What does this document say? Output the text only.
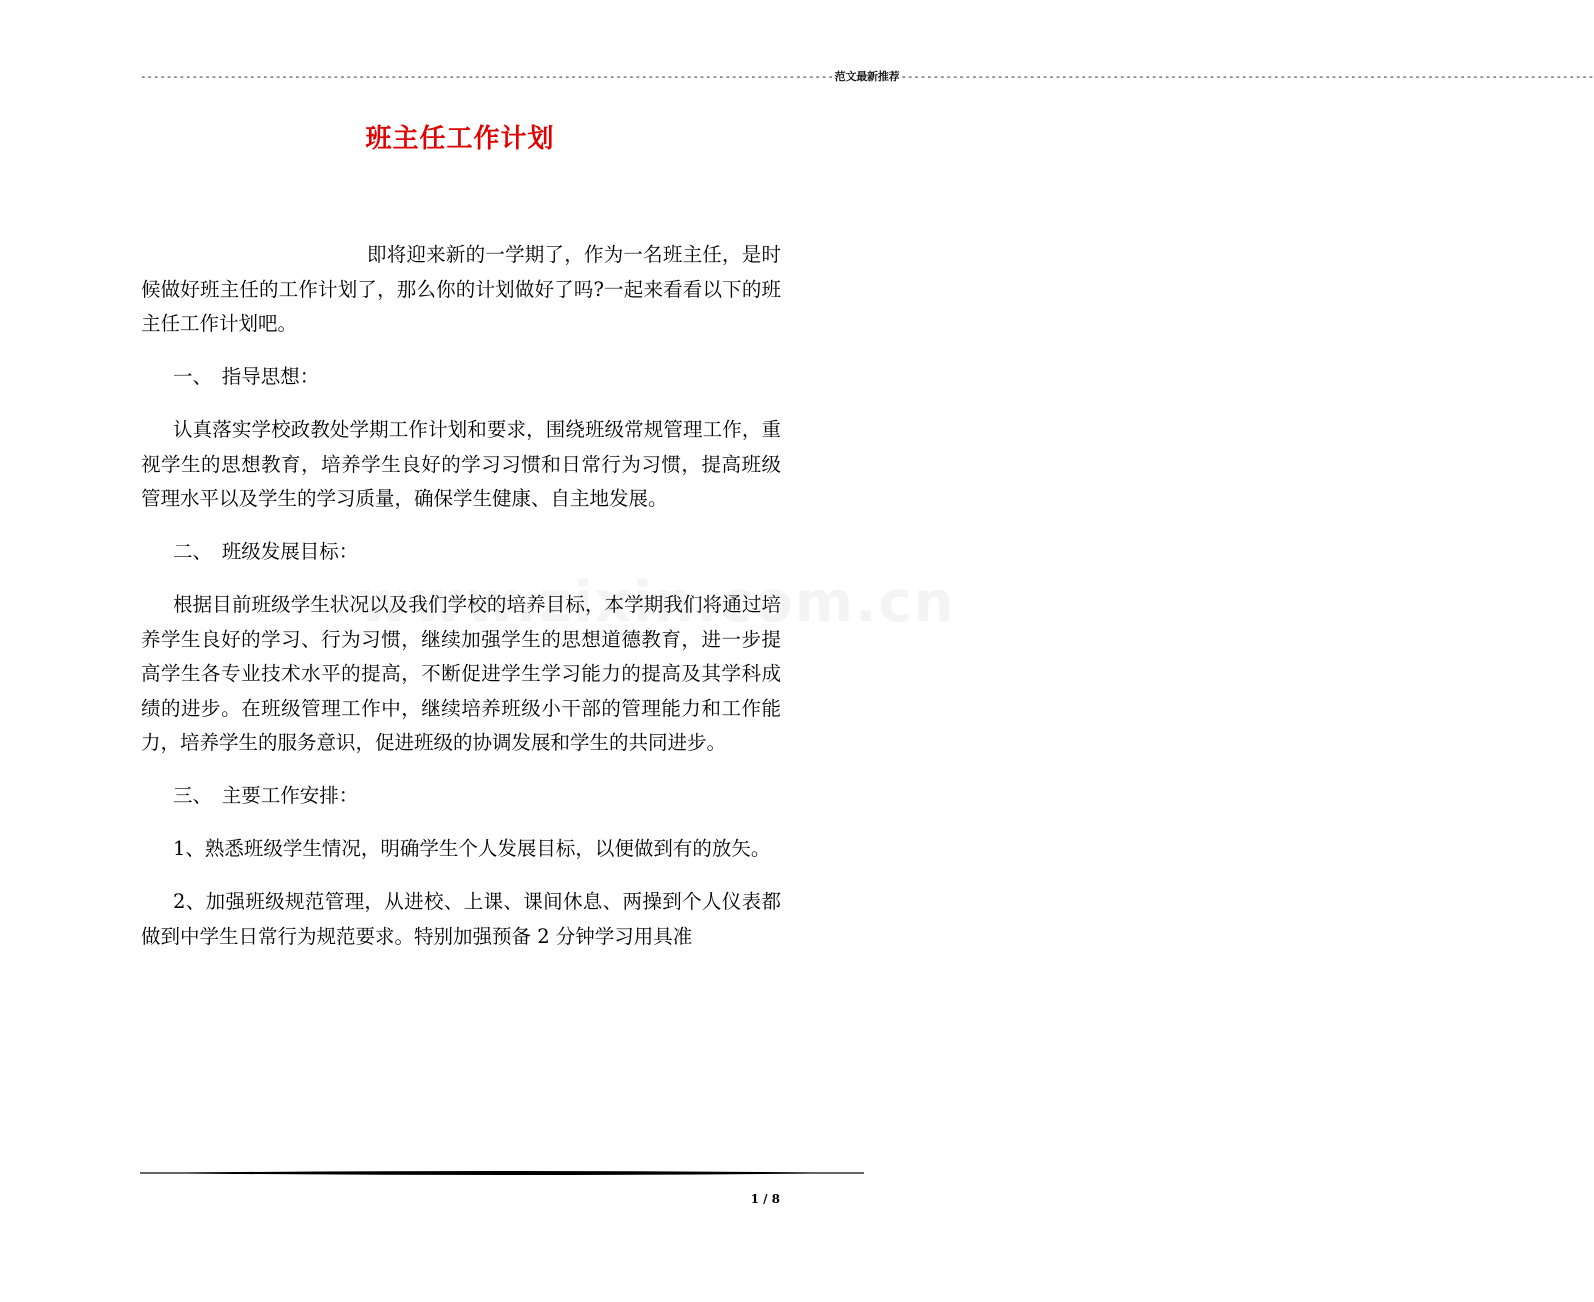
------------------------------------------------------------------------------------------------------------ 范文最新推荐 ------------------------------------------------------------------------------------------------------------
班主任工作计划

即将迎来新的一学期了，作为一名班主任，是时候做好班主任的工作计划了，那么你的计划做好了吗?一起来看看以下的班主任工作计划吧。

一、　指导思想：

认真落实学校政教处学期工作计划和要求，围绕班级常规管理工作，重视学生的思想教育，培养学生良好的学习习惯和日常行为习惯，提高班级管理水平以及学生的学习质量，确保学生健康、自主地发展。

二、　班级发展目标：

根据目前班级学生状况以及我们学校的培养目标，本学期我们将通过培养学生良好的学习、行为习惯，继续加强学生的思想道德教育，进一步提高学生各专业技术水平的提高，不断促进学生学习能力的提高及其学科成绩的进步。在班级管理工作中，继续培养班级小干部的管理能力和工作能力，培养学生的服务意识，促进班级的协调发展和学生的共同进步。

三、　主要工作安排：

1、熟悉班级学生情况，明确学生个人发展目标，以便做到有的放矢。

2、加强班级规范管理，从进校、上课、课间休息、两操到个人仪表都做到中学生日常行为规范要求。特别加强预备 2 分钟学习用具准

1 / 8
